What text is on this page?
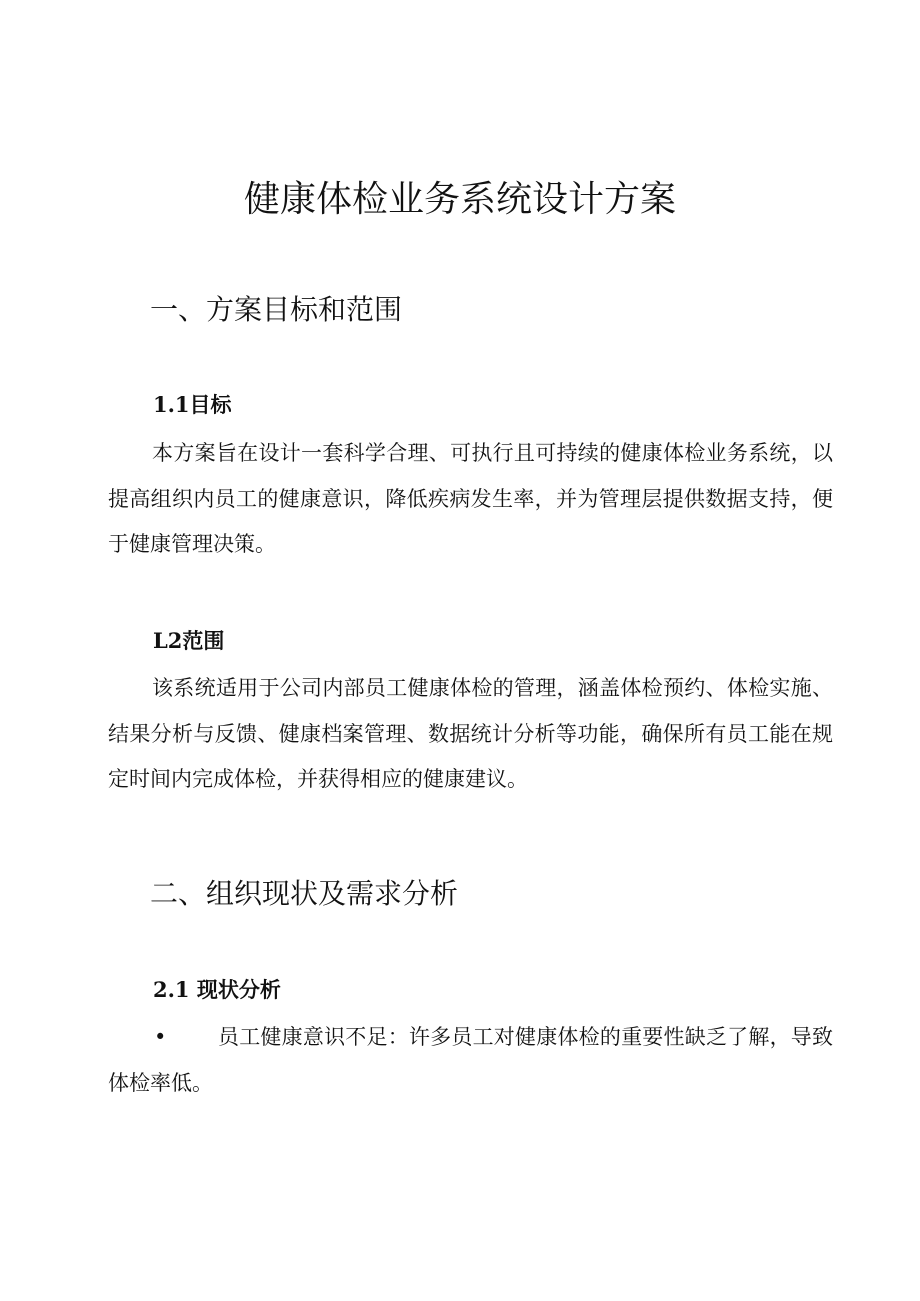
健康体检业务系统设计方案
一、方案目标和范围
1.1目标

本方案旨在设计一套科学合理、可执行且可持续的健康体检业务系统，以提高组织内员工的健康意识，降低疾病发生率，并为管理层提供数据支持，便于健康管理决策。

L2范围

该系统适用于公司内部员工健康体检的管理，涵盖体检预约、体检实施、结果分析与反馈、健康档案管理、数据统计分析等功能，确保所有员工能在规定时间内完成体检，并获得相应的健康建议。

二、组织现状及需求分析
2.1 现状分析
•	员工健康意识不足：许多员工对健康体检的重要性缺乏了解，导致体检率低。
